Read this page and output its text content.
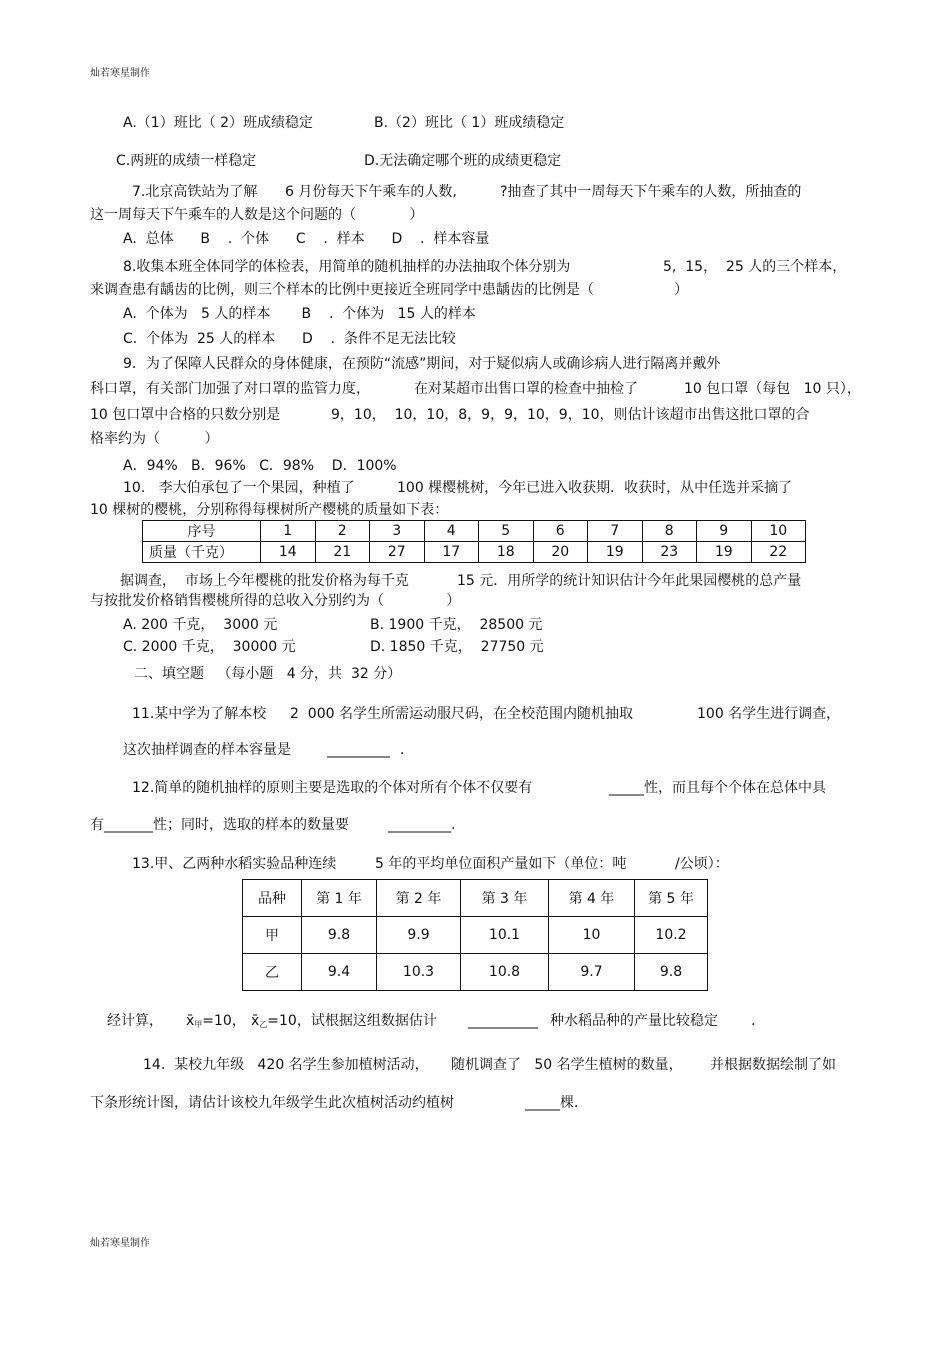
灿若寒星制作
A.（1）班比（ 2）班成绩稳定	B.（2）班比（ 1）班成绩稳定
C.两班的成绩一样稳定	D.无法确定哪个班的成绩更稳定
7.北京高铁站为了解 6 月份每天下午乘车的人数,	?抽查了其中一周每天下午乘车的人数，所抽查的
这一周每天下午乘车的人数是这个问题的（            ）
A.  总体      B    .  个体      C    .  样本      D    .  样本容量
8.收集本班全体同学的体检表，用简单的随机抽样的办法抽取个体分别为	5,  15，  25 人的三个样本，
来调查患有龋齿的比例，则三个样本的比例中更接近全班同学中患龋齿的比例是（                  ）
A.  个体为   5 人的样本       B    .  个体为   15 人的样本
C.  个体为  25 人的样本      D    .  条件不足无法比较
9．为了保障人民群众的身体健康，在预防“流感”期间，对于疑似病人或确诊病人进行隔离并戴外
科口罩，有关部门加强了对口罩的监管力度，	在对某超市出售口罩的检查中抽检了	10 包口罩（每包   10 只），
10 包口罩中合格的只数分别是	9，10，  10，10，8，9，9，10，9，10，则估计该超市出售这批口罩的合
格率约为（          ）
A．94%   B．96%   C．98%    D．100%
10.   李大伯承包了一个果园，种植了	100 棵樱桃树，今年已进入收获期．收获时，从中任选并采摘了
10 棵树的樱桃，分别称得每棵树所产樱桃的质量如下表：
序号	1	2	3	4	5	6	7	8	9	10
质量（千克）	14	21	27	17	18	20	19	23	19	22
据调查，  市场上今年樱桃的批发价格为每千克	15 元．用所学的统计知识估计今年此果园樱桃的总产量
与按批发价格销售樱桃所得的总收入分别约为（              ）
A. 200 千克，  3000 元	B. 1900 千克，  28500 元
C. 2000 千克，  30000 元	D. 1850 千克，  27750 元
二、填空题   （每小题   4 分，共  32 分）
11.某中学为了解本校 2  000 名学生所需运动服尺码，在全校范围内随机抽取	100 名学生进行调查，
这次抽样调查的样本容量是	_________ .
12.简单的随机抽样的原则主要是选取的个体对所有个体不仅要有	_____性，而且每个个体在总体中具
有_______性；同时，选取的样本的数量要	_________.
13.甲、乙两种水稻实验品种连续	5 年的平均单位面积产量如下（单位：吨	/公顷）：
品种	第 1 年	第 2 年	第 3 年	第 4 年	第 5 年
甲	9.8	9.9	10.1	10	10.2
乙	9.4	10.3	10.8	9.7	9.8
经计算， $x̄_甲=10$， $x̄_乙=10$，试根据这组数据估计 __________ 种水稻品种的产量比较稳定 .
14.  某校九年级   420 名学生参加植树活动， 随机调查了   50 名学生植树的数量， 并根据数据绘制了如
下条形统计图，请估计该校九年级学生此次植树活动约植树	_____棵．
灿若寒星制作
